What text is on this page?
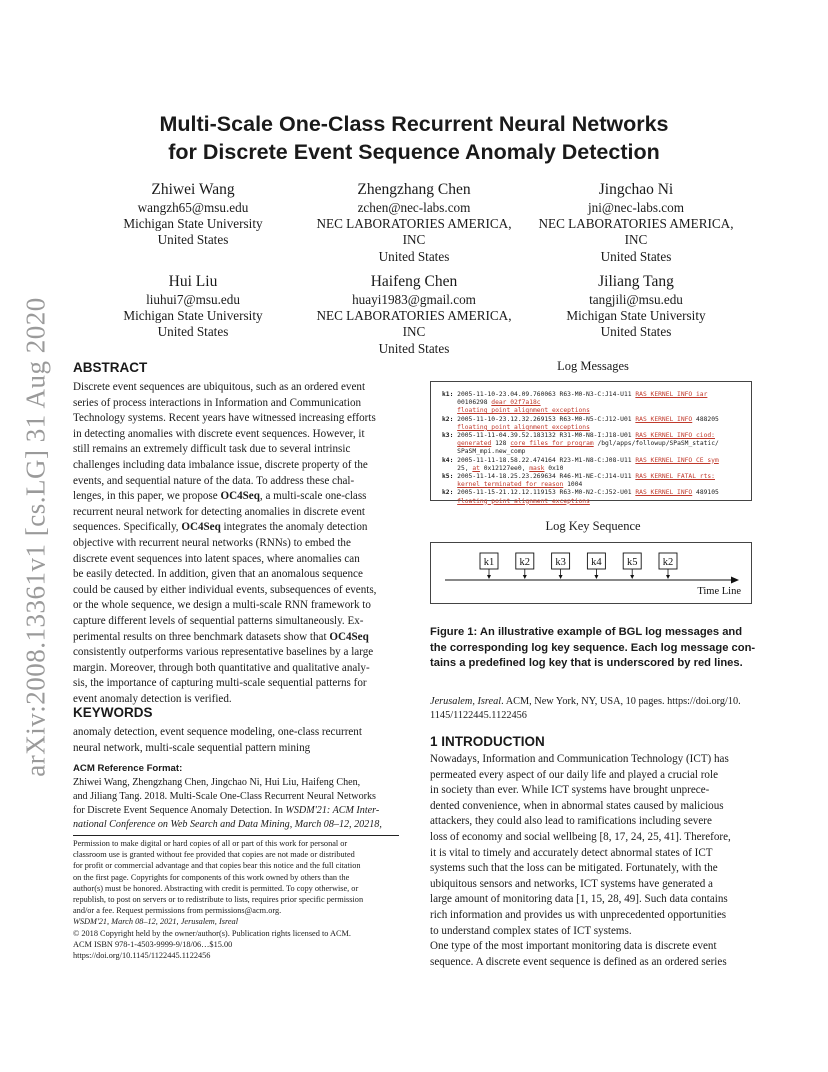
arXiv:2008.13361v1 [cs.LG] 31 Aug 2020
Multi-Scale One-Class Recurrent Neural Networks
for Discrete Event Sequence Anomaly Detection
Zhiwei Wang
wangzh65@msu.edu
Michigan State University
United States
Zhengzhang Chen
zchen@nec-labs.com
NEC LABORATORIES AMERICA,
INC
United States
Jingchao Ni
jni@nec-labs.com
NEC LABORATORIES AMERICA,
INC
United States
Hui Liu
liuhui7@msu.edu
Michigan State University
United States
Haifeng Chen
huayi1983@gmail.com
NEC LABORATORIES AMERICA,
INC
United States
Jiliang Tang
tangjili@msu.edu
Michigan State University
United States
ABSTRACT
Discrete event sequences are ubiquitous, such as an ordered event
series of process interactions in Information and Communication
Technology systems. Recent years have witnessed increasing efforts
in detecting anomalies with discrete event sequences. However, it
still remains an extremely difficult task due to several intrinsic
challenges including data imbalance issue, discrete property of the
events, and sequential nature of the data. To address these chal-
lenges, in this paper, we propose OC4Seq, a multi-scale one-class
recurrent neural network for detecting anomalies in discrete event
sequences. Specifically, OC4Seq integrates the anomaly detection
objective with recurrent neural networks (RNNs) to embed the
discrete event sequences into latent spaces, where anomalies can
be easily detected. In addition, given that an anomalous sequence
could be caused by either individual events, subsequences of events,
or the whole sequence, we design a multi-scale RNN framework to
capture different levels of sequential patterns simultaneously. Ex-
perimental results on three benchmark datasets show that OC4Seq
consistently outperforms various representative baselines by a large
margin. Moreover, through both quantitative and qualitative analy-
sis, the importance of capturing multi-scale sequential patterns for
event anomaly detection is verified.
KEYWORDS
anomaly detection, event sequence modeling, one-class recurrent
neural network, multi-scale sequential pattern mining
ACM Reference Format:
Zhiwei Wang, Zhengzhang Chen, Jingchao Ni, Hui Liu, Haifeng Chen,
and Jiliang Tang. 2018. Multi-Scale One-Class Recurrent Neural Networks
for Discrete Event Sequence Anomaly Detection. In WSDM'21: ACM Inter-
national Conference on Web Search and Data Mining, March 08–12, 20218,
Permission to make digital or hard copies of all or part of this work for personal or
classroom use is granted without fee provided that copies are not made or distributed
for profit or commercial advantage and that copies bear this notice and the full citation
on the first page. Copyrights for components of this work owned by others than the
author(s) must be honored. Abstracting with credit is permitted. To copy otherwise, or
republish, to post on servers or to redistribute to lists, requires prior specific permission
and/or a fee. Request permissions from permissions@acm.org.
WSDM'21, March 08–12, 2021, Jerusalem, Isreal
© 2018 Copyright held by the owner/author(s). Publication rights licensed to ACM.
ACM ISBN 978-1-4503-9999-9/18/06…$15.00
https://doi.org/10.1145/1122445.1122456
Log Messages
k1: 2005-11-10-23.04.09.760063 R63-M0-N3-C:J14-U11 RAS KERNEL INFO iar
00106298 dear 02f7a18c
floating point alignment exceptions
k2: 2005-11-10-23.12.32.269153 R63-M0-N5-C:J12-U01 RAS KERNEL INFO 488205
floating point alignment exceptions
k3: 2005-11-11-04.39.52.183132 R31-M0-N8-I:J18-U01 RAS KERNEL INFO ciod:
generated 128 core files for program /bgl/apps/followup/SPaSM_static/
SPaSM_mpi.new_comp
k4: 2005-11-11-18.58.22.474164 R23-M1-N8-C:J08-U11 RAS KERNEL INFO CE sym
25, at 0x12127ee0, mask 0x10
k5: 2005-11-14-18.25.23.269634 R46-M1-NE-C:J14-U11 RAS KERNEL FATAL rts:
kernel terminated for reason 1004
k2: 2005-11-15-21.12.12.119153 R63-M0-N2-C:J52-U01 RAS KERNEL INFO 489105
floating point alignment exceptions
Log Key Sequence
Time Line
k1 k2 k3 k4 k5 k2
Figure 1: An illustrative example of BGL log messages and
the corresponding log key sequence. Each log message con-
tains a predefined log key that is underscored by red lines.
Jerusalem, Isreal. ACM, New York, NY, USA, 10 pages. https://doi.org/10.
1145/1122445.1122456
1 INTRODUCTION
Nowadays, Information and Communication Technology (ICT) has
permeated every aspect of our daily life and played a crucial role
in society than ever. While ICT systems have brought unprece-
dented convenience, when in abnormal states caused by malicious
attackers, they could also lead to ramifications including severe
loss of economy and social wellbeing [8, 17, 24, 25, 41]. Therefore,
it is vital to timely and accurately detect abnormal states of ICT
systems such that the loss can be mitigated. Fortunately, with the
ubiquitous sensors and networks, ICT systems have generated a
large amount of monitoring data [1, 15, 28, 49]. Such data contains
rich information and provides us with unprecedented opportunities
to understand complex states of ICT systems.
One type of the most important monitoring data is discrete event
sequence. A discrete event sequence is defined as an ordered series
